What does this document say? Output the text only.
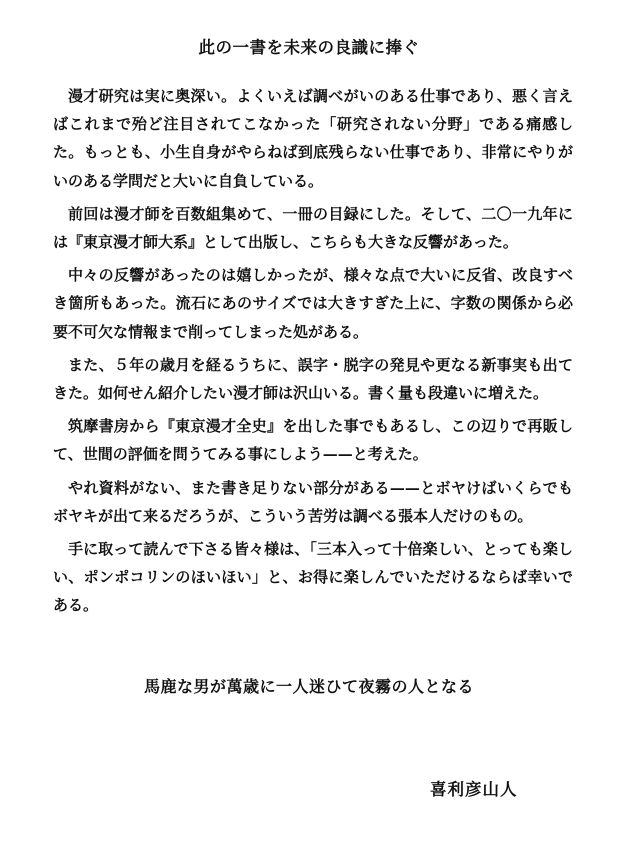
此の一書を未来の良識に捧ぐ

漫才研究は実に奥深い。よくいえば調べがいのある仕事であり、悪く言えばこれまで殆ど注目されてこなかった「研究されない分野」である痛感した。もっとも、小生自身がやらねば到底残らない仕事であり、非常にやりがいのある学問だと大いに自負している。

前回は漫才師を百数組集めて、一冊の目録にした。そして、二〇一九年には『東京漫才師大系』として出版し、こちらも大きな反響があった。

中々の反響があったのは嬉しかったが、様々な点で大いに反省、改良すべき箇所もあった。流石にあのサイズでは大きすぎた上に、字数の関係から必要不可欠な情報まで削ってしまった処がある。

また、５年の歳月を経るうちに、誤字・脱字の発見や更なる新事実も出てきた。如何せん紹介したい漫才師は沢山いる。書く量も段違いに増えた。

筑摩書房から『東京漫才全史』を出した事でもあるし、この辺りで再販して、世間の評価を問うてみる事にしよう——と考えた。

やれ資料がない、また書き足りない部分がある——とボヤけばいくらでもボヤキが出て来るだろうが、こういう苦労は調べる張本人だけのもの。

手に取って読んで下さる皆々様は、「三本入って十倍楽しい、とっても楽しい、ポンポコリンのほいほい」と、お得に楽しんでいただけるならば幸いである。

馬鹿な男が萬歳に一人迷ひて夜霧の人となる
喜利彦山人
